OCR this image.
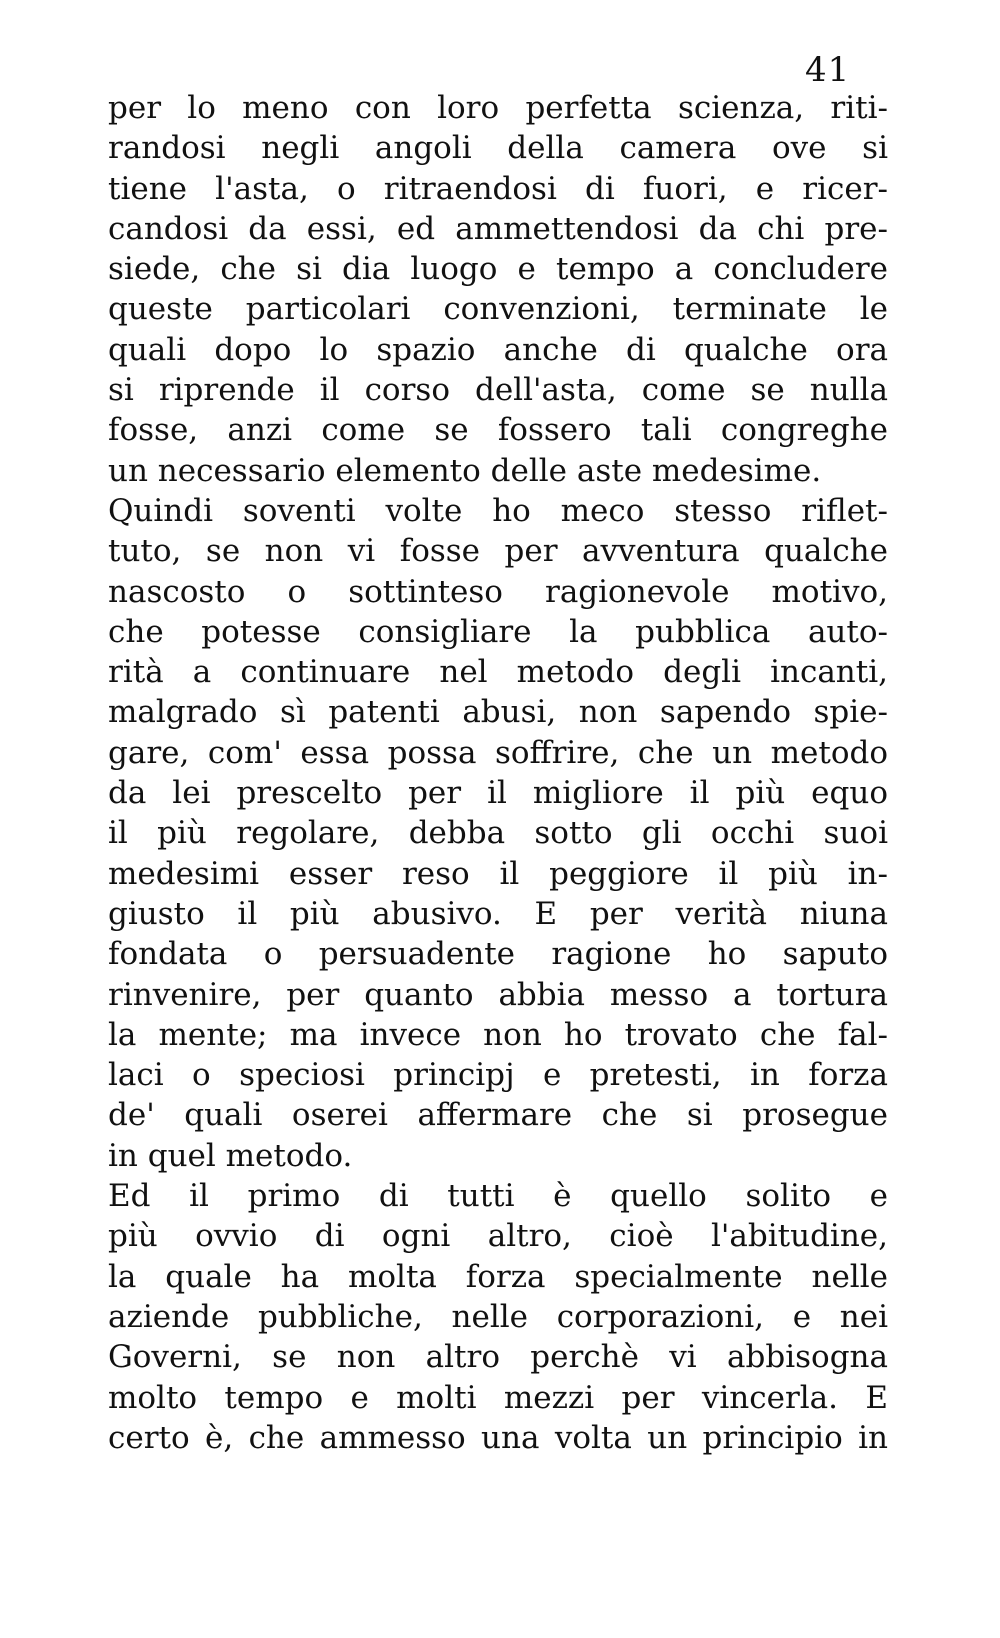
41
per lo meno con loro perfetta scienza, riti-
randosi negli angoli della camera ove si
tiene l'asta, o ritraendosi di fuori, e ricer-
candosi da essi, ed ammettendosi da chi pre-
siede, che si dia luogo e tempo a concludere
queste particolari convenzioni, terminate le
quali dopo lo spazio anche di qualche ora
si riprende il corso dell'asta, come se nulla
fosse, anzi come se fossero tali congreghe
un necessario elemento delle aste medesime.
Quindi soventi volte ho meco stesso riflet-
tuto, se non vi fosse per avventura qualche
nascosto o sottinteso ragionevole motivo,
che potesse consigliare la pubblica auto-
rità a continuare nel metodo degli incanti,
malgrado sì patenti abusi, non sapendo spie-
gare, com' essa possa soffrire, che un metodo
da lei prescelto per il migliore il più equo
il più regolare, debba sotto gli occhi suoi
medesimi esser reso il peggiore il più in-
giusto il più abusivo. E per verità niuna
fondata o persuadente ragione ho saputo
rinvenire, per quanto abbia messo a tortura
la mente; ma invece non ho trovato che fal-
laci o speciosi principj e pretesti, in forza
de' quali oserei affermare che si prosegue
in quel metodo.
Ed il primo di tutti è quello solito e
più ovvio di ogni altro, cioè l'abitudine,
la quale ha molta forza specialmente nelle
aziende pubbliche, nelle corporazioni, e nei
Governi, se non altro perchè vi abbisogna
molto tempo e molti mezzi per vincerla. E
certo è, che ammesso una volta un principio in
